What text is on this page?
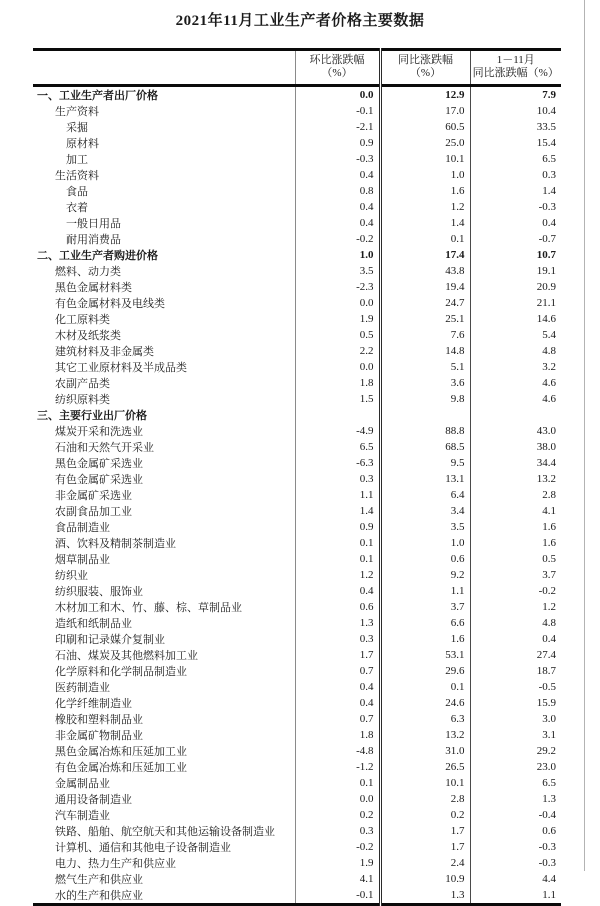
2021年11月工业生产者价格主要数据

环比涨跌幅
（%）

同比涨跌幅
（%）

1－11月
同比涨跌幅（%）

一、工业生产者出厂价格	0.0	12.9	7.9
生产资料	-0.1	17.0	10.4
采掘	-2.1	60.5	33.5
原材料	0.9	25.0	15.4
加工	-0.3	10.1	6.5
生活资料	0.4	1.0	0.3
食品	0.8	1.6	1.4
衣着	0.4	1.2	-0.3
一般日用品	0.4	1.4	0.4
耐用消费品	-0.2	0.1	-0.7
二、工业生产者购进价格	1.0	17.4	10.7
燃料、动力类	3.5	43.8	19.1
黑色金属材料类	-2.3	19.4	20.9
有色金属材料及电线类	0.0	24.7	21.1
化工原料类	1.9	25.1	14.6
木材及纸浆类	0.5	7.6	5.4
建筑材料及非金属类	2.2	14.8	4.8
其它工业原材料及半成品类	0.0	5.1	3.2
农副产品类	1.8	3.6	4.6
纺织原料类	1.5	9.8	4.6
三、主要行业出厂价格			
煤炭开采和洗选业	-4.9	88.8	43.0
石油和天然气开采业	6.5	68.5	38.0
黑色金属矿采选业	-6.3	9.5	34.4
有色金属矿采选业	0.3	13.1	13.2
非金属矿采选业	1.1	6.4	2.8
农副食品加工业	1.4	3.4	4.1
食品制造业	0.9	3.5	1.6
酒、饮料及精制茶制造业	0.1	1.0	1.6
烟草制品业	0.1	0.6	0.5
纺织业	1.2	9.2	3.7
纺织服装、服饰业	0.4	1.1	-0.2
木材加工和木、竹、藤、棕、草制品业	0.6	3.7	1.2
造纸和纸制品业	1.3	6.6	4.8
印刷和记录媒介复制业	0.3	1.6	0.4
石油、煤炭及其他燃料加工业	1.7	53.1	27.4
化学原料和化学制品制造业	0.7	29.6	18.7
医药制造业	0.4	0.1	-0.5
化学纤维制造业	0.4	24.6	15.9
橡胶和塑料制品业	0.7	6.3	3.0
非金属矿物制品业	1.8	13.2	3.1
黑色金属冶炼和压延加工业	-4.8	31.0	29.2
有色金属冶炼和压延加工业	-1.2	26.5	23.0
金属制品业	0.1	10.1	6.5
通用设备制造业	0.0	2.8	1.3
汽车制造业	0.2	0.2	-0.4
铁路、船舶、航空航天和其他运输设备制造业	0.3	1.7	0.6
计算机、通信和其他电子设备制造业	-0.2	1.7	-0.3
电力、热力生产和供应业	1.9	2.4	-0.3
燃气生产和供应业	4.1	10.9	4.4
水的生产和供应业	-0.1	1.3	1.1
